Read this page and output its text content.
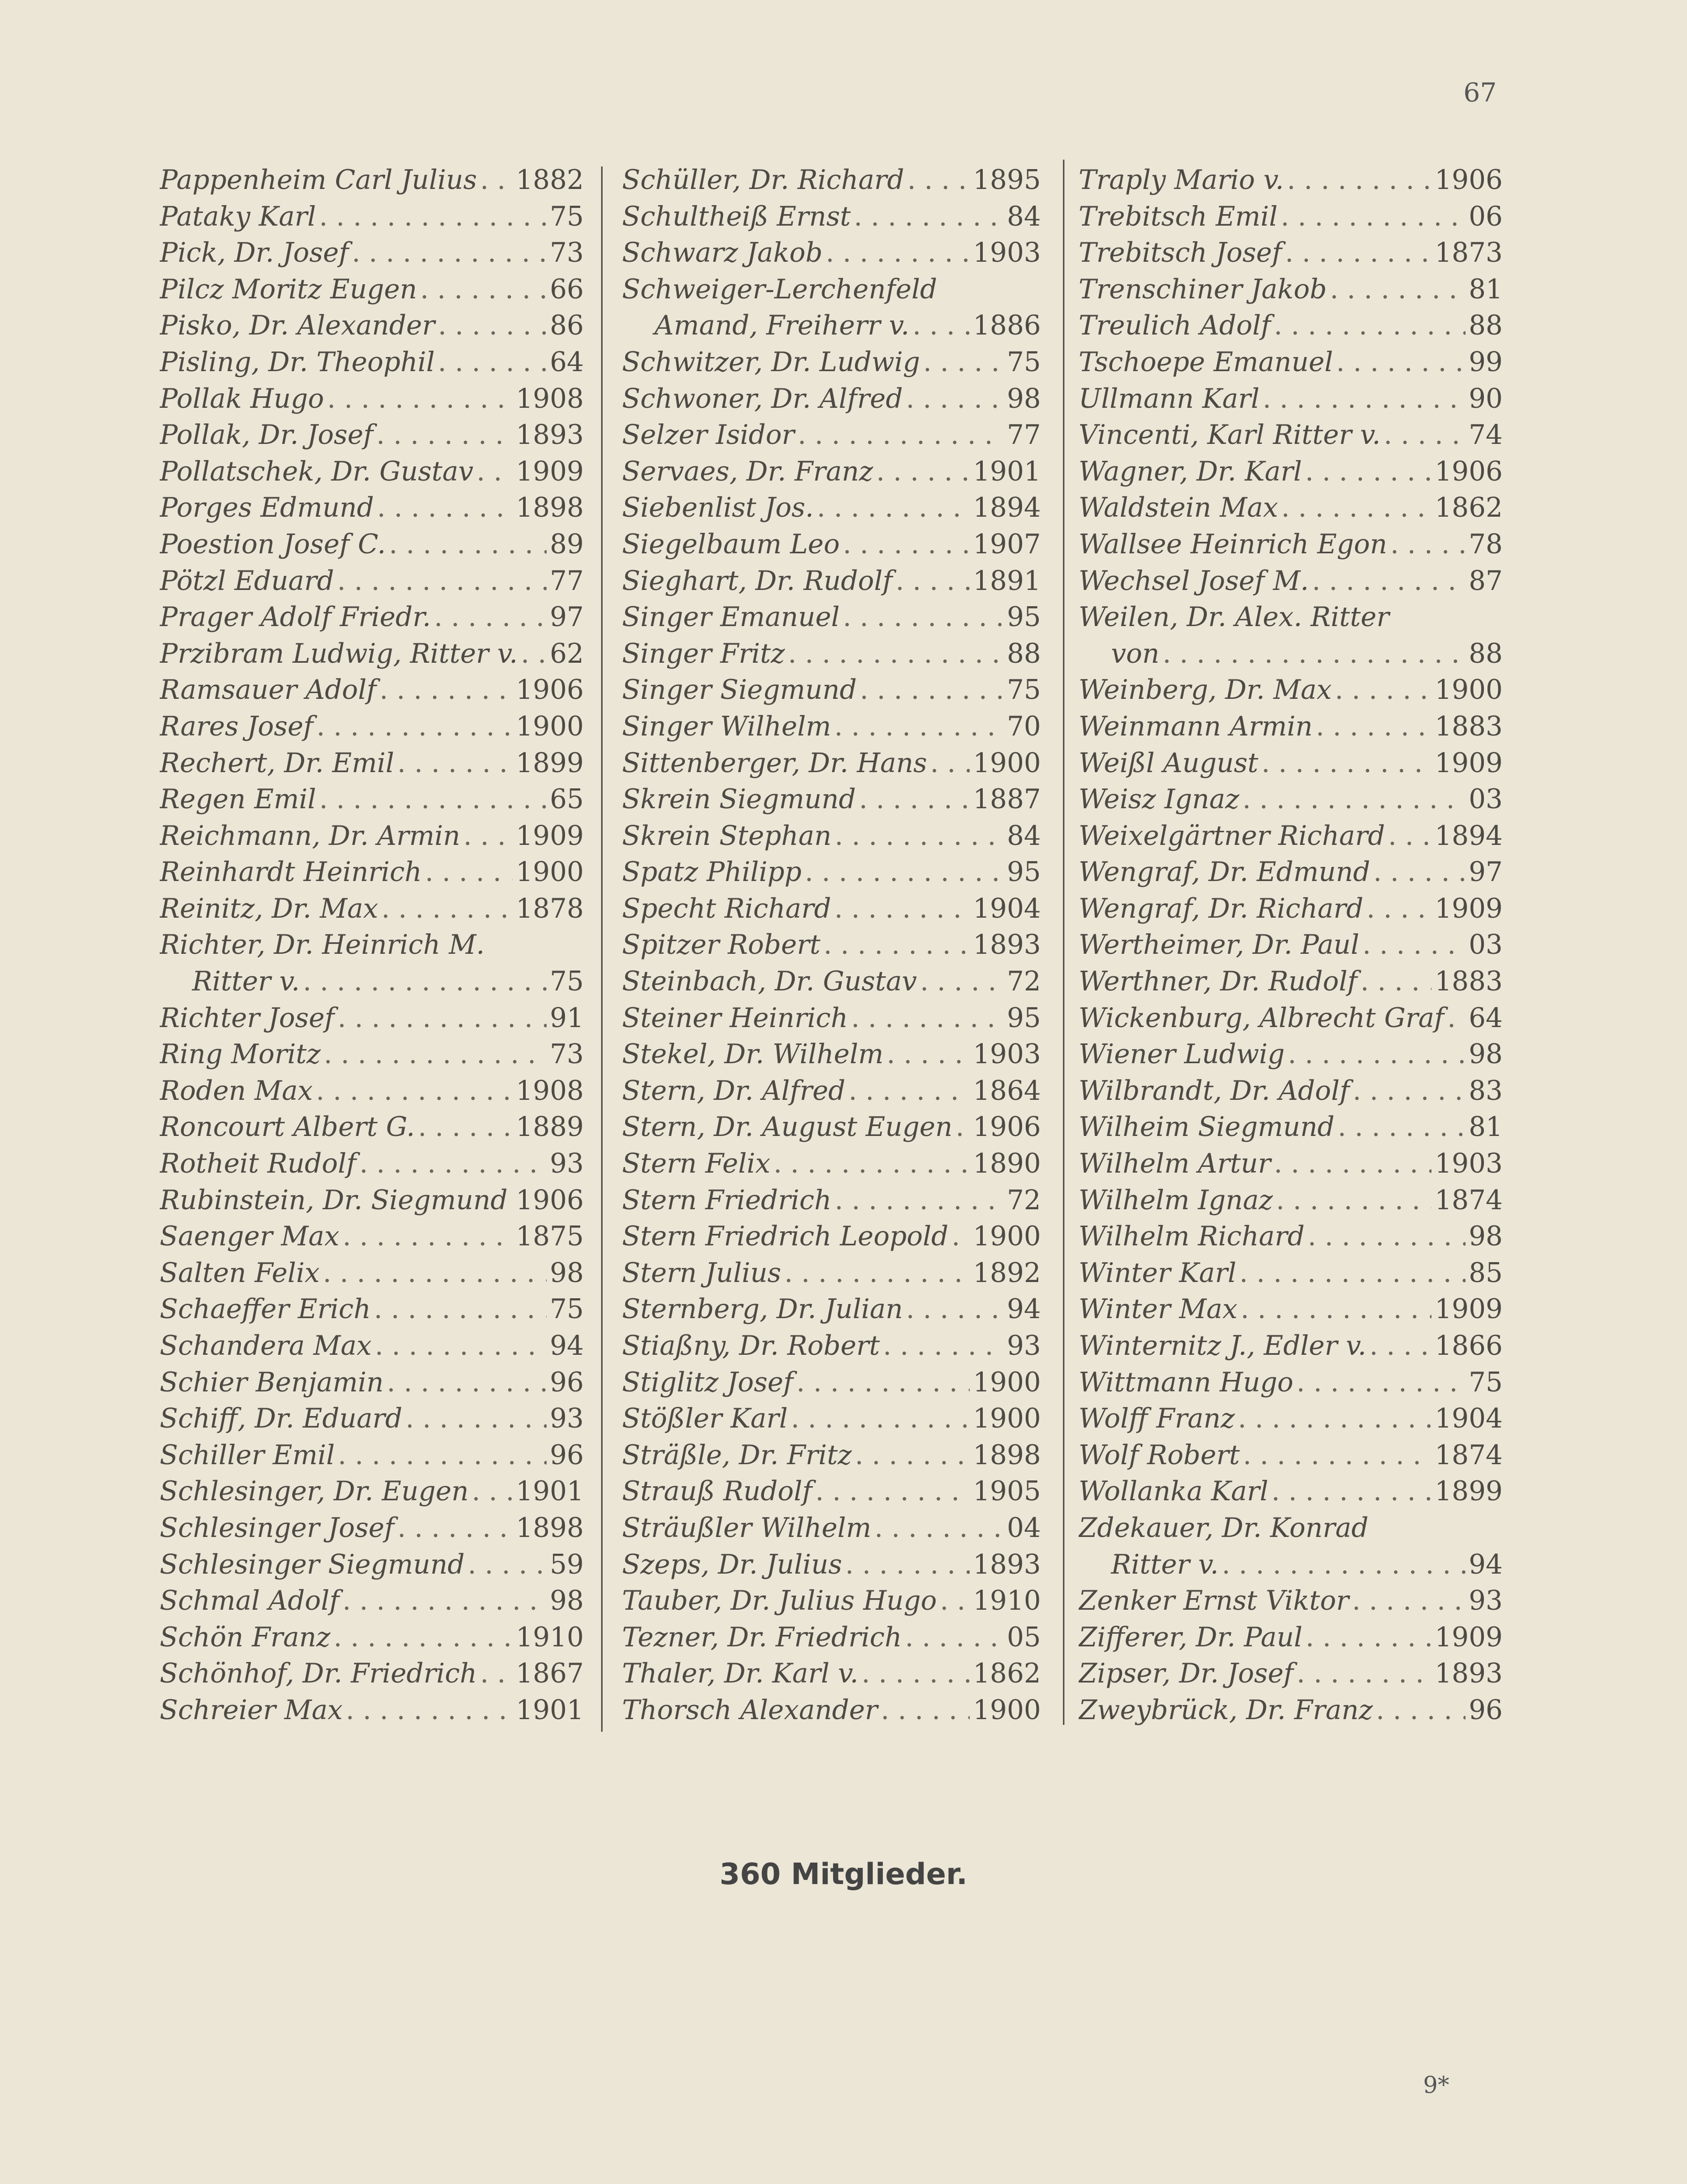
67
Pappenheim Carl Julius . . . 1882
Pataky Karl . . .	75
Pick, Dr. Josef . . .	73
Pilcz Moritz Eugen . . .	66
Pisko, Dr. Alexander . . .	86
Pisling, Dr. Theophil . . .	64
Pollak Hugo . . .	1908
Pollak, Dr. Josef . . .	1893
Pollatschek, Dr. Gustav . . . 1909
Porges Edmund . . .	1898
Poestion Josef C. . . .	89
Pötzl Eduard . . .	77
Prager Adolf Friedr. . . .	97
Przibram Ludwig, Ritter v. . . . 62
Ramsauer Adolf . . .	1906
Rares Josef . . .	1900
Rechert, Dr. Emil . . .	1899
Regen Emil . . .	65
Reichmann, Dr. Armin . . . 1909
Reinhardt Heinrich . . .	1900
Reinitz, Dr. Max . . .	1878
Richter, Dr. Heinrich M.
Ritter v. . . .	75
Richter Josef . . .	91
Ring Moritz . . .	73
Roden Max . . .	1908
Roncourt Albert G. . . .	1889
Rotheit Rudolf . . .	93
Rubinstein, Dr. Siegmund . . . 1906
Saenger Max . . .	1875
Salten Felix . . .	98
Schaeffer Erich . . .	75
Schandera Max . . .	94
Schier Benjamin . . .	96
Schiff, Dr. Eduard . . .	93
Schiller Emil . . .	96
Schlesinger, Dr. Eugen . . . 1901
Schlesinger Josef . . .	1898
Schlesinger Siegmund . . .	59
Schmal Adolf . . .	98
Schön Franz . . .	1910
Schönhof, Dr. Friedrich . . . 1867
Schreier Max . . .	1901
Schüller, Dr. Richard . . .	1895
Schultheiß Ernst . . .	84
Schwarz Jakob . . .	1903
Schweiger-Lerchenfeld
Amand, Freiherr v. . . . 1886
Schwitzer, Dr. Ludwig . . .	75
Schwoner, Dr. Alfred . . .	98
Selzer Isidor . . .	77
Servaes, Dr. Franz . . .	1901
Siebenlist Jos. . . .	1894
Siegelbaum Leo . . .	1907
Sieghart, Dr. Rudolf . . .	1891
Singer Emanuel . . .	95
Singer Fritz . . .	88
Singer Siegmund . . .	75
Singer Wilhelm . . .	70
Sittenberger, Dr. Hans . . . 1900
Skrein Siegmund . . .	1887
Skrein Stephan . . .	84
Spatz Philipp . . .	95
Specht Richard . . .	1904
Spitzer Robert . . .	1893
Steinbach, Dr. Gustav . . .	72
Steiner Heinrich . . .	95
Stekel, Dr. Wilhelm . . .	1903
Stern, Dr. Alfred . . .	1864
Stern, Dr. August Eugen . . . 1906
Stern Felix . . .	1890
Stern Friedrich . . .	72
Stern Friedrich Leopold . . . 1900
Stern Julius . . .	1892
Sternberg, Dr. Julian . . .	94
Stiaßny, Dr. Robert . . .	93
Stiglitz Josef . . .	1900
Stößler Karl . . .	1900
Sträßle, Dr. Fritz . . .	1898
Strauß Rudolf . . .	1905
Sträußler Wilhelm . . .	04
Szeps, Dr. Julius . . .	1893
Tauber, Dr. Julius Hugo . . . 1910
Tezner, Dr. Friedrich . . .	05
Thaler, Dr. Karl v. . . .	1862
Thorsch Alexander . . .	1900
Traply Mario v. . . .	1906
Trebitsch Emil . . .	06
Trebitsch Josef . . .	1873
Trenschiner Jakob . . .	81
Treulich Adolf . . .	88
Tschoepe Emanuel . . .	99
Ullmann Karl . . .	90
Vincenti, Karl Ritter v. . . .	74
Wagner, Dr. Karl . . .	1906
Waldstein Max . . .	1862
Wallsee Heinrich Egon . . .	78
Wechsel Josef M. . . .	87
Weilen, Dr. Alex. Ritter
von . . .	88
Weinberg, Dr. Max . . .	1900
Weinmann Armin . . .	1883
Weißl August . . .	1909
Weisz Ignaz . . .	03
Weixelgärtner Richard . . . 1894
Wengraf, Dr. Edmund . . .	97
Wengraf, Dr. Richard . . .	1909
Wertheimer, Dr. Paul . . .	03
Werthner, Dr. Rudolf . . .	1883
Wickenburg, Albrecht Graf . . . 64
Wiener Ludwig . . .	98
Wilbrandt, Dr. Adolf . . .	83
Wilheim Siegmund . . .	81
Wilhelm Artur . . .	1903
Wilhelm Ignaz . . .	1874
Wilhelm Richard . . .	98
Winter Karl . . .	85
Winter Max . . .	1909
Winternitz J., Edler v. . . .	1866
Wittmann Hugo . . .	75
Wolff Franz . . .	1904
Wolf Robert . . .	1874
Wollanka Karl . . .	1899
Zdekauer, Dr. Konrad
Ritter v. . . .	94
Zenker Ernst Viktor . . .	93
Zifferer, Dr. Paul . . .	1909
Zipser, Dr. Josef . . .	1893
Zweybrück, Dr. Franz . . .	96
360 Mitglieder.
9*
